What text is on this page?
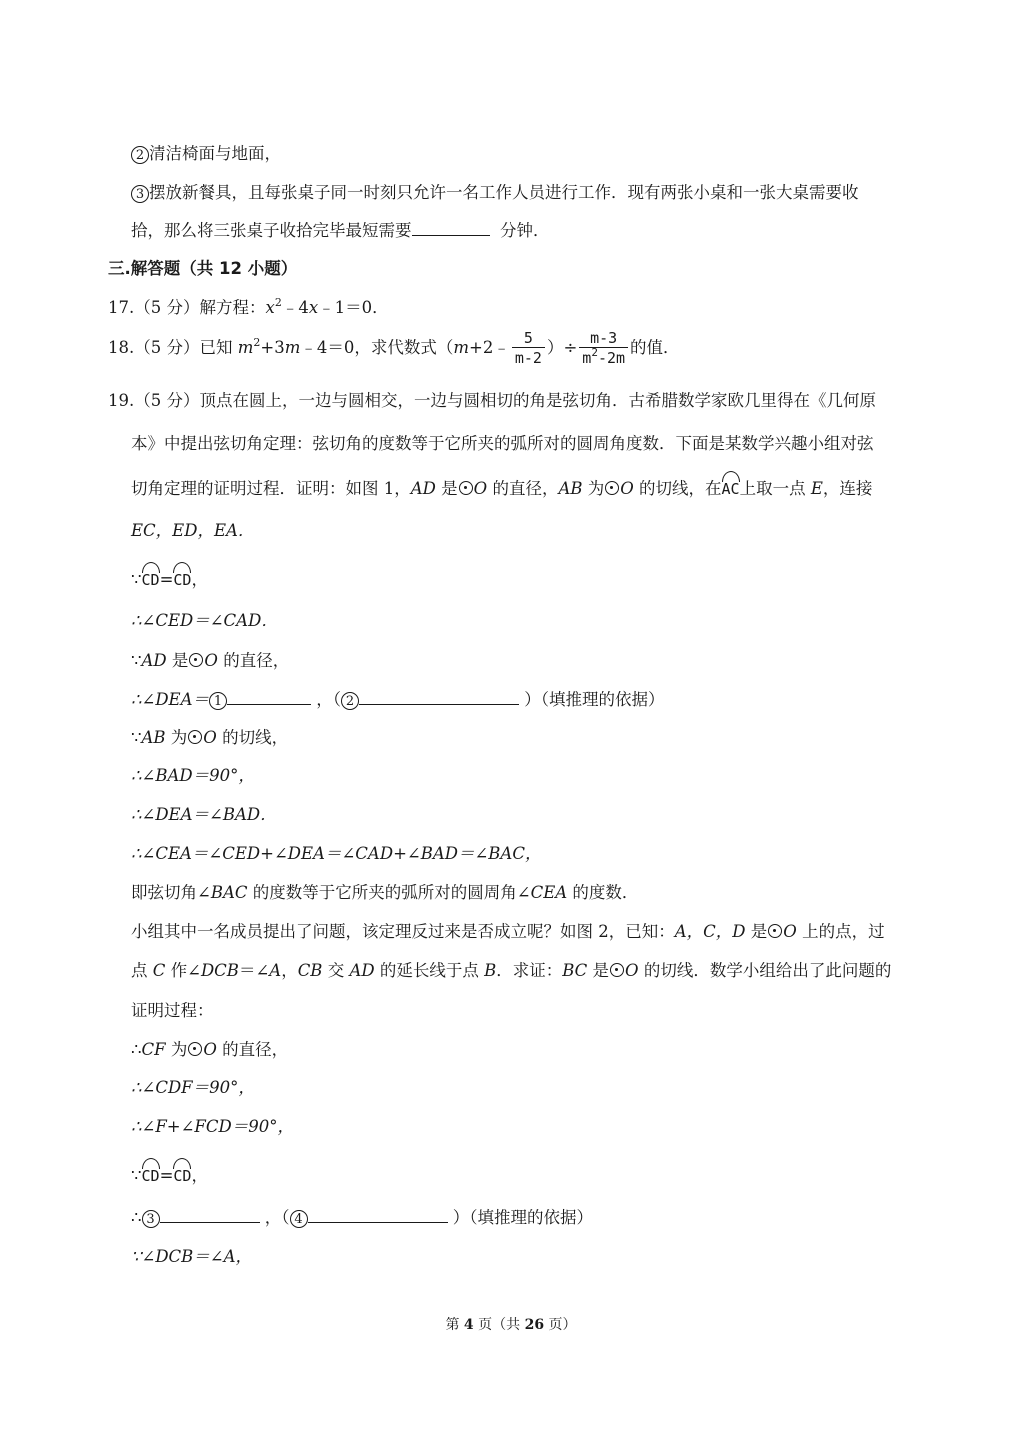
2 清洁椅面与地面，
3 摆放新餐具，且每张桌子同一时刻只允许一名工作人员进行工作．现有两张小桌和一张大桌需要收
拾，那么将三张桌子收拾完毕最短需要	分钟．
三.解答题（共 12 小题）
17.（5 分）解方程：$x^2﹣4x﹣1=0$．
18.（5 分）已知 $m^2+3m﹣4=0$，求代数式（m+2﹣ $\frac{5}{m-2}$ ）÷ $\frac{m-3}{m^2-2m}$ 的值．
19.（5 分）顶点在圆上，一边与圆相交，一边与圆相切的角是弦切角．古希腊数学家欧几里得在《几何原
本》中提出弦切角定理：弦切角的度数等于它所夹的弧所对的圆周角度数．下面是某数学兴趣小组对弦
切角定理的证明过程．证明：如图 1，AD 是 O 的直径，AB 为 O 的切线，在AC上取一点 E，连接
EC，ED，EA．
∵CD=CD，
∴∠CED＝∠CAD．
∵AD 是 O 的直径，
∴∠DEA＝ 1	，（ 2	）（填推理的依据）
∵AB 为 O 的切线，
∴∠BAD＝90°，
∴∠DEA＝∠BAD．
∴∠CEA＝∠CED+∠DEA＝∠CAD+∠BAD＝∠BAC，
即弦切角∠BAC 的度数等于它所夹的弧所对的圆周角∠CEA 的度数．
小组其中一名成员提出了问题，该定理反过来是否成立呢？如图 2，已知：A，C，D 是 O 上的点，过
点 C 作∠DCB＝∠A，CB 交 AD 的延长线于点 B．求证：BC 是 O 的切线．数学小组给出了此问题的
证明过程：
∴CF 为 O 的直径，
∴∠CDF＝90°，
∴∠F+∠FCD＝90°，
∵CD=CD，
∴ 3	，（ 4	）（填推理的依据）
∵∠DCB＝∠A，
第 4 页（共 26 页）
